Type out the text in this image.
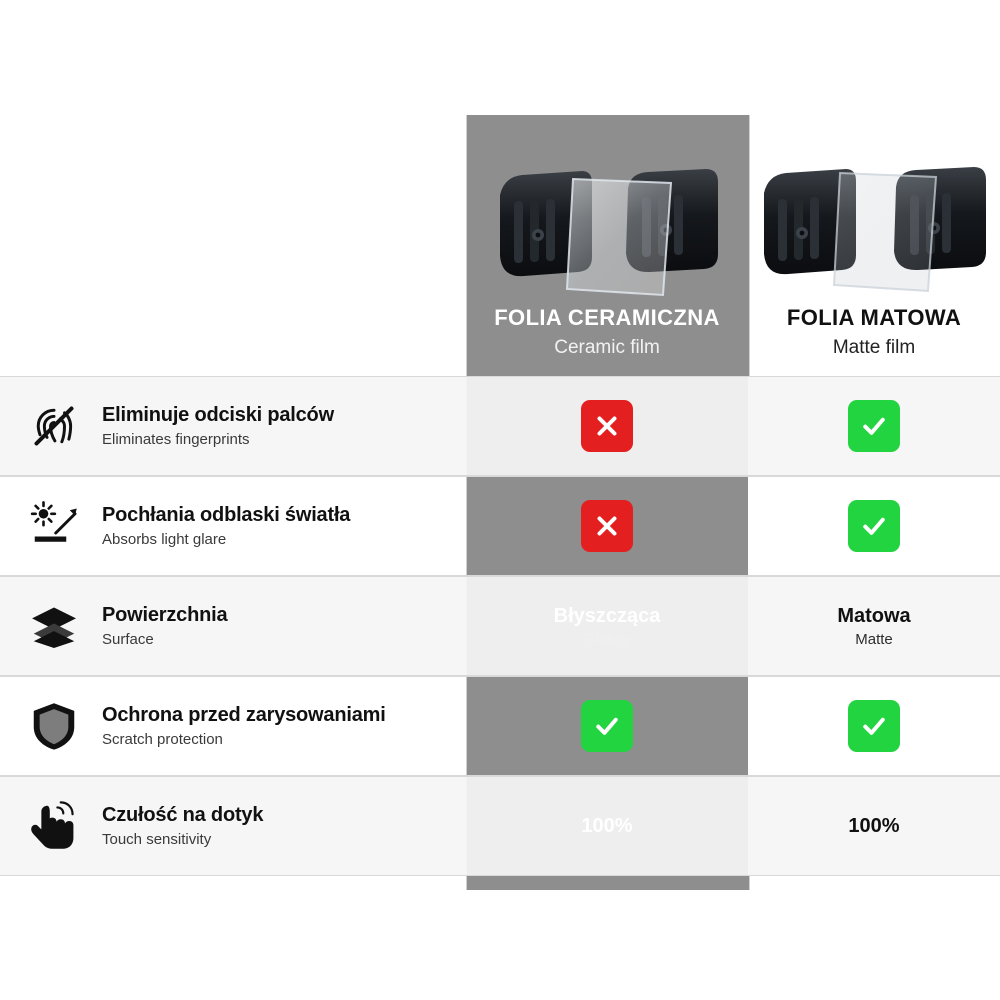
FOLIA CERAMICZNA
Ceramic film
FOLIA MATOWA
Matte film
Eliminuje odciski palców
Eliminates fingerprints
Pochłania odblaski światła
Absorbs light glare
Powierzchnia
Surface
Błyszcząca
Glossy
Matowa
Matte
Ochrona przed zarysowaniami
Scratch protection
Czułość na dotyk
Touch sensitivity
100%	100%
